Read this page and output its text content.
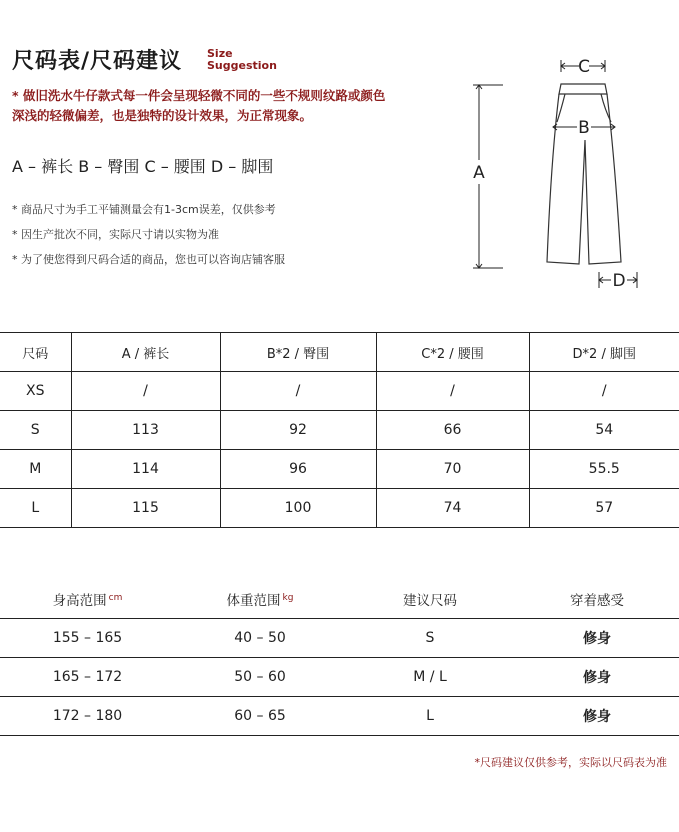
尺码表/尺码建议 Size
Suggestion
* 做旧洗水牛仔款式每一件会呈现轻微不同的一些不规则纹路或颜色
深浅的轻微偏差，也是独特的设计效果，为正常现象。
A – 裤长 B – 臀围 C – 腰围 D – 脚围
* 商品尺寸为手工平铺测量会有1-3cm误差，仅供参考
* 因生产批次不同，实际尺寸请以实物为准
* 为了使您得到尺码合适的商品，您也可以咨询店铺客服
C
A
B
D
尺码	A / 裤长	B*2 / 臀围	C*2 / 腰围	D*2 / 脚围
XS	/	/	/	/
S	113	92	66	54
M	114	96	70	55.5
L	115	100	74	57
身高范围 $^{cm}$	体重范围 $^{kg}$	建议尺码	穿着感受
155 – 165	40 – 50	S	修身
165 – 172	50 – 60	M / L	修身
172 – 180	60 – 65	L	修身
*尺码建议仅供参考，实际以尺码表为准
